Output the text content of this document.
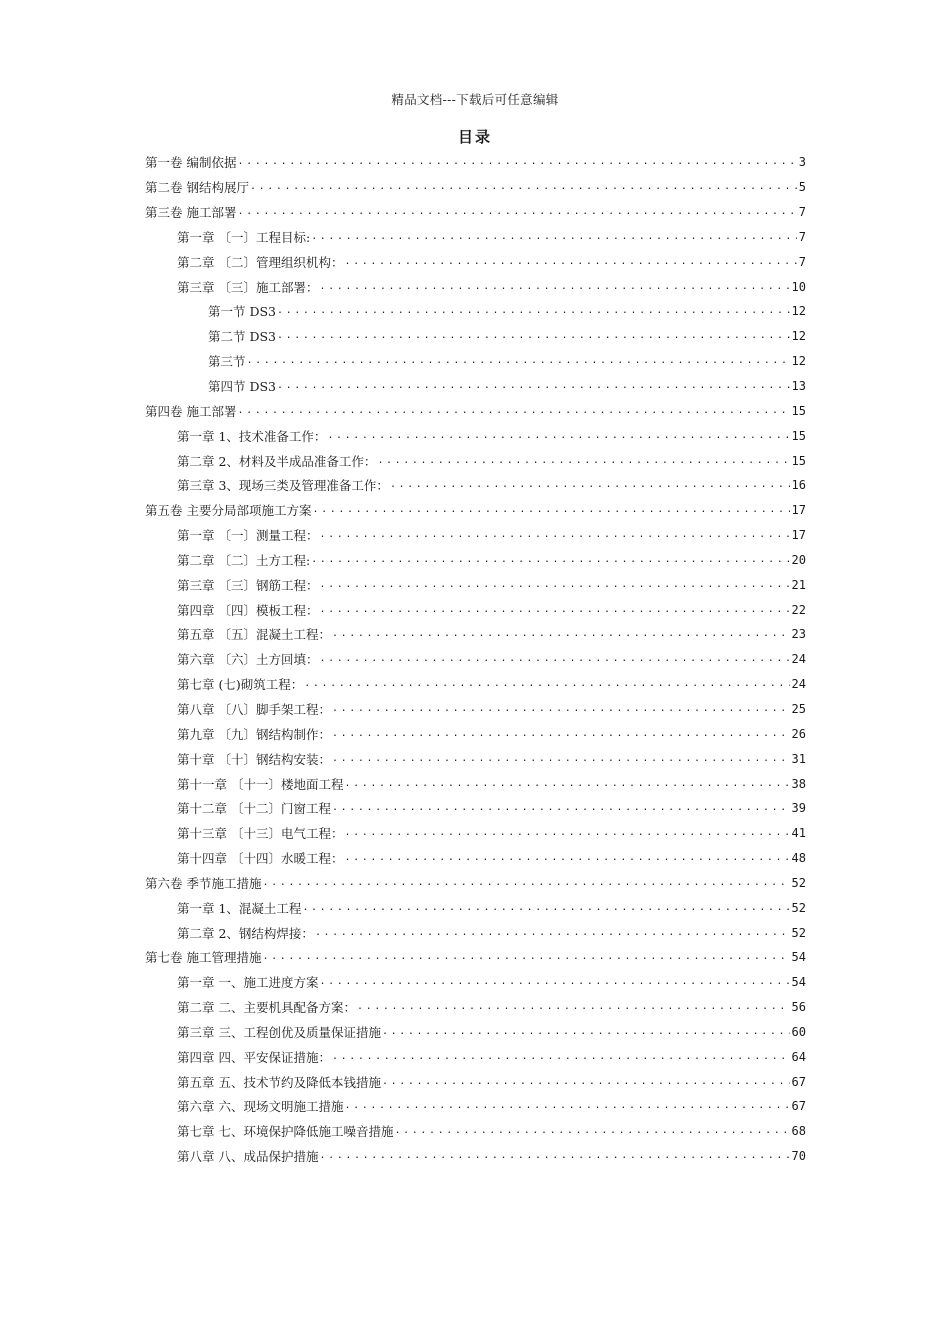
精品文档---下载后可任意编辑
目录
第一卷 编制依据 .....	3
第二卷 钢结构展厅 .....	5
第三卷 施工部署 .....	7
第一章 〔一〕工程目标: .....	7
第二章 〔二〕管理组织机构： .....	7
第三章 〔三〕施工部署： .....	10
第一节 DS3 .....	12
第二节 DS3 .....	12
第三节 .....	12
第四节 DS3 .....	13
第四卷 施工部署 .....	15
第一章 1、技术准备工作： .....	15
第二章 2、材料及半成品准备工作： .....	15
第三章 3、现场三类及管理准备工作： .....	16
第五卷 主要分局部项施工方案 .....	17
第一章 〔一〕测量工程： .....	17
第二章 〔二〕土方工程: .....	20
第三章 〔三〕钢筋工程： .....	21
第四章 〔四〕模板工程： .....	22
第五章 〔五〕混凝土工程： .....	23
第六章 〔六〕土方回填： .....	24
第七章 (七)砌筑工程： .....	24
第八章 〔八〕脚手架工程： .....	25
第九章 〔九〕钢结构制作： .....	26
第十章 〔十〕钢结构安装： .....	31
第十一章 〔十一〕楼地面工程 .....	38
第十二章 〔十二〕门窗工程 .....	39
第十三章 〔十三〕电气工程： .....	41
第十四章 〔十四〕水暖工程： .....	48
第六卷 季节施工措施 .....	52
第一章 1、混凝土工程 .....	52
第二章 2、钢结构焊接： .....	52
第七卷 施工管理措施 .....	54
第一章 一、施工进度方案 .....	54
第二章 二、主要机具配备方案： .....	56
第三章 三、工程创优及质量保证措施 .....	60
第四章 四、平安保证措施： .....	64
第五章 五、技术节约及降低本钱措施 .....	67
第六章 六、现场文明施工措施 .....	67
第七章 七、环境保护降低施工噪音措施 .....	68
第八章 八、成品保护措施 .....	70
